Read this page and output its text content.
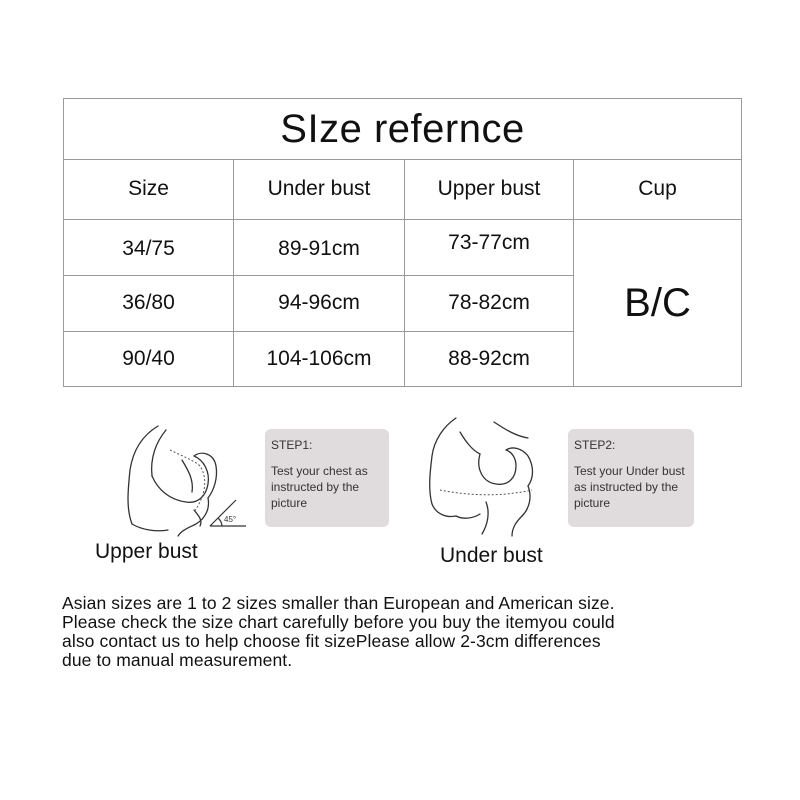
SIze refernce
Size	Under bust	Upper bust	Cup
34/75	89-91cm	73-77cm
36/80	94-96cm	78-82cm
90/40	104-106cm	88-92cm
B/C
45°
STEP1:
Test your chest as
instructed by the
picture
Upper bust
STEP2:
Test your Under bust
as instructed by the
picture
Under bust
Asian sizes are 1 to 2 sizes smaller than European and American size.
Please check the size chart carefully before you buy the itemyou could
also contact us to help choose fit sizePlease allow 2-3cm differences
due to manual measurement.
